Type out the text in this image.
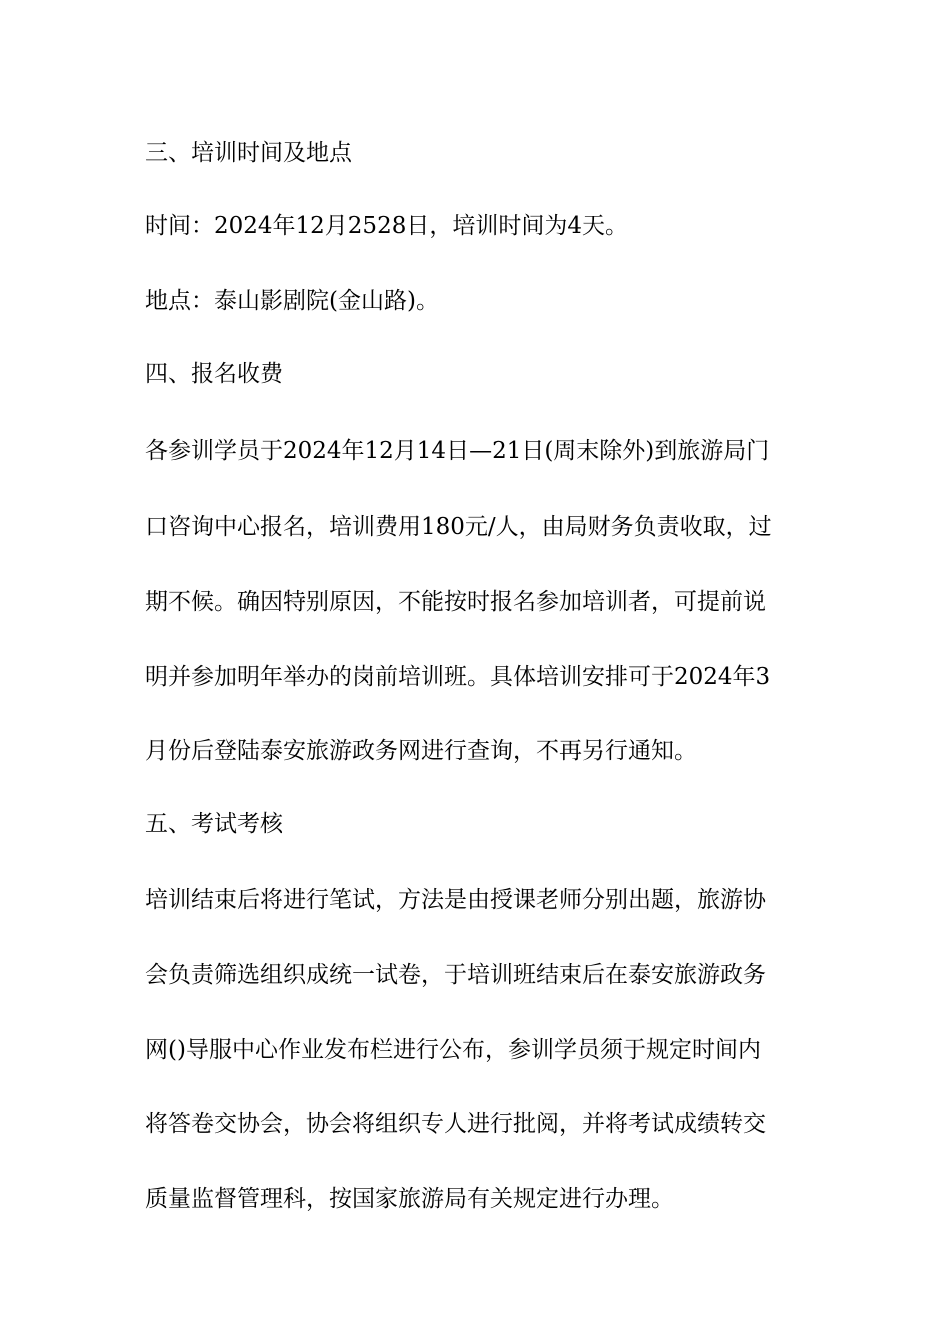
三、培训时间及地点

时间：2024年12月2528日，培训时间为4天。

地点：泰山影剧院(金山路)。

四、报名收费

各参训学员于2024年12月14日—21日(周末除外)到旅游局门

口咨询中心报名，培训费用180元/人，由局财务负责收取，过

期不候。确因特别原因，不能按时报名参加培训者，可提前说

明并参加明年举办的岗前培训班。具体培训安排可于2024年3

月份后登陆泰安旅游政务网进行查询，不再另行通知。

五、考试考核

培训结束后将进行笔试，方法是由授课老师分别出题，旅游协

会负责筛选组织成统一试卷，于培训班结束后在泰安旅游政务

网()导服中心作业发布栏进行公布，参训学员须于规定时间内

将答卷交协会，协会将组织专人进行批阅，并将考试成绩转交

质量监督管理科，按国家旅游局有关规定进行办理。
